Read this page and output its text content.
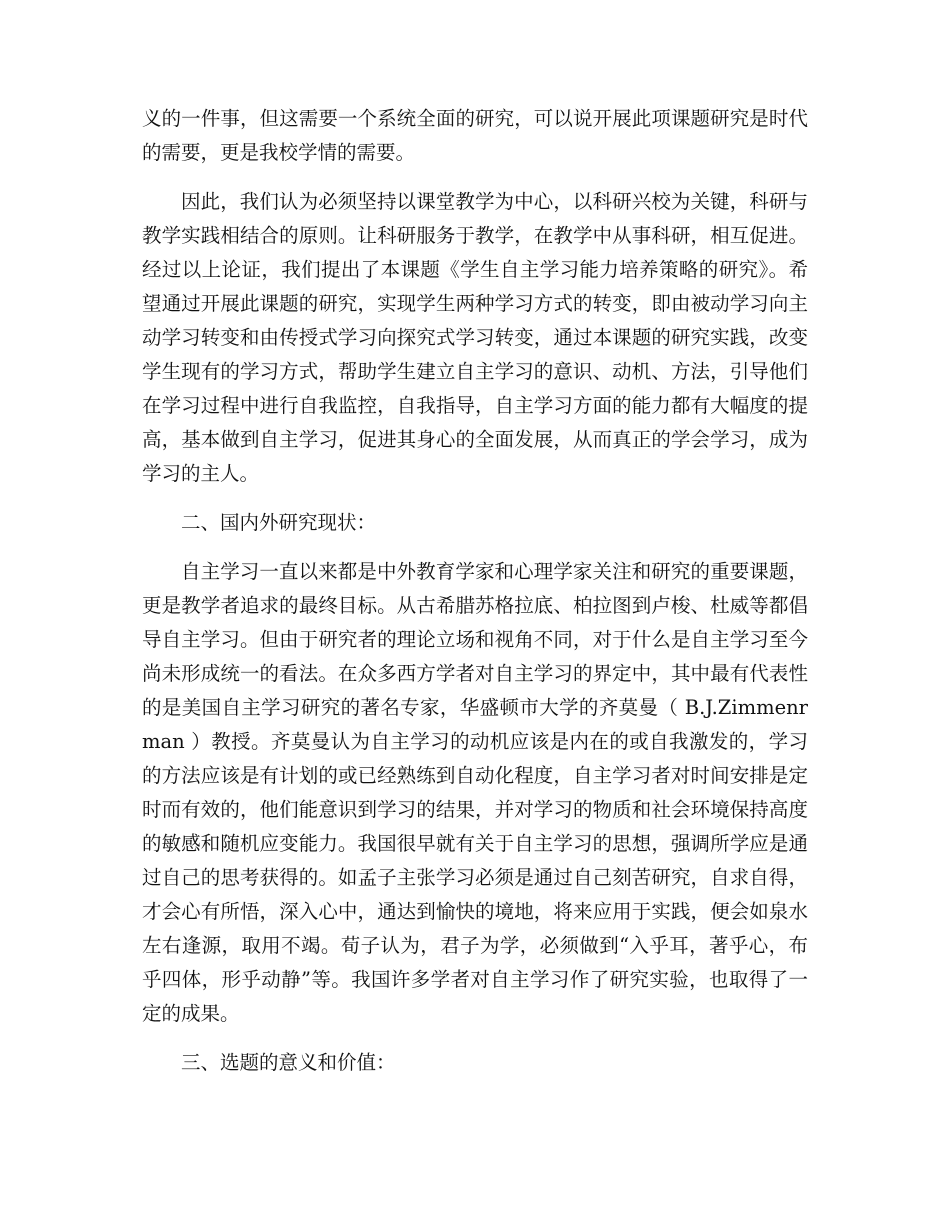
义的一件事，但这需要一个系统全面的研究，可以说开展此项课题研究是时代的需要，更是我校学情的需要。

因此，我们认为必须坚持以课堂教学为中心，以科研兴校为关键，科研与教学实践相结合的原则。让科研服务于教学，在教学中从事科研，相互促进。经过以上论证，我们提出了本课题《学生自主学习能力培养策略的研究》。希望通过开展此课题的研究，实现学生两种学习方式的转变，即由被动学习向主动学习转变和由传授式学习向探究式学习转变，通过本课题的研究实践，改变学生现有的学习方式，帮助学生建立自主学习的意识、动机、方法，引导他们在学习过程中进行自我监控，自我指导，自主学习方面的能力都有大幅度的提高，基本做到自主学习，促进其身心的全面发展，从而真正的学会学习，成为学习的主人。

二、国内外研究现状：

自主学习一直以来都是中外教育学家和心理学家关注和研究的重要课题，更是教学者追求的最终目标。从古希腊苏格拉底、柏拉图到卢梭、杜威等都倡导自主学习。但由于研究者的理论立场和视角不同，对于什么是自主学习至今尚未形成统一的看法。在众多西方学者对自主学习的界定中，其中最有代表性的是美国自主学习研究的著名专家，华盛顿市大学的齐莫曼（ B.J.Zimmenrman ）教授。齐莫曼认为自主学习的动机应该是内在的或自我激发的，学习的方法应该是有计划的或已经熟练到自动化程度，自主学习者对时间安排是定时而有效的，他们能意识到学习的结果，并对学习的物质和社会环境保持高度的敏感和随机应变能力。我国很早就有关于自主学习的思想，强调所学应是通过自己的思考获得的。如孟子主张学习必须是通过自己刻苦研究，自求自得，才会心有所悟，深入心中，通达到愉快的境地，将来应用于实践，便会如泉水左右逢源，取用不竭。荀子认为，君子为学，必须做到“入乎耳，著乎心，布乎四体，形乎动静”等。我国许多学者对自主学习作了研究实验，也取得了一定的成果。

三、选题的意义和价值：
